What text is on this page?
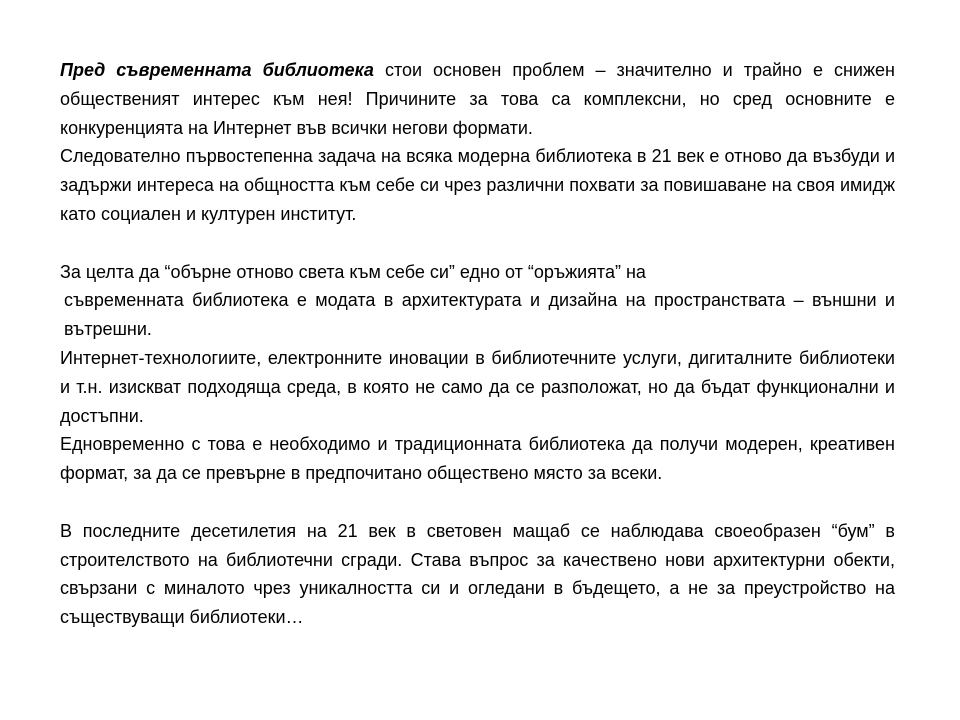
Пред съвременната библиотека стои основен проблем – значително и трайно е снижен общественият интерес към нея! Причините за това са комплексни, но сред основните е конкуренцията на Интернет във всички негови формати.

Следователно първостепенна задача на всяка модерна библиотека в 21 век е отново да възбуди и задържи интереса на общността към себе си чрез различни похвати за повишаване на своя имидж като социален и културен институт.

За целта да “обърне отново света към себе си” едно от “оръжията” на

съвременната библиотека е модата в архитектурата и дизайна на пространствата – външни и вътрешни.

Интернет-технологиите, електронните иновации в библиотечните услуги, дигиталните библиотеки и т.н. изискват подходяща среда, в която не само да се разположат, но да бъдат функционални и достъпни.

Едновременно с това е необходимо и традиционната библиотека да получи модерен, креативен формат, за да се превърне в предпочитано обществено място за всеки.

В последните десетилетия на 21 век в световен мащаб се наблюдава своеобразен “бум” в строителството на библиотечни сгради. Става въпрос за качествено нови архитектурни обекти, свързани с миналото чрез уникалността си и огледани в бъдещето, а не за преустройство на съществуващи библиотеки…
